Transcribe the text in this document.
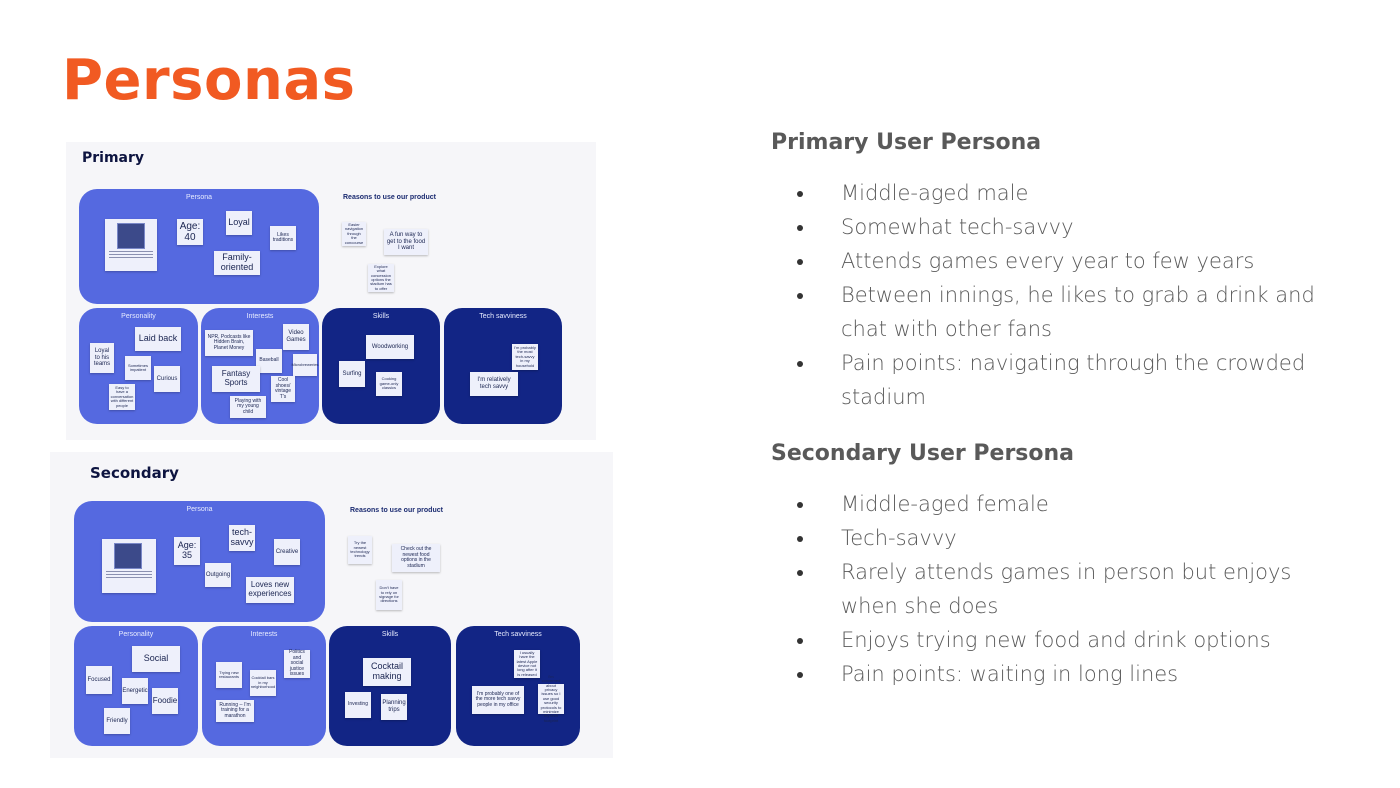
Personas
Primary
Persona
Age:
40
Loyal
Likes traditions
Family-
oriented
Reasons to use our product
Easier navigation through the concourse
A fun way to get to the food I want
Explore what concession options the stadium has to offer
Personality
Laid back
Loyal to his teams	Sometimes impatient
Curious
Easy to have a conversation with different people
Interests
NPR, Podcasts like Hidden Brain, Planet Money
Video Games
Baseball
Microbreweries
Fantasy Sports	Cool shoes/ vintage T's
Playing with my young child
Skills
Woodworking
Surfing
Cooking game-only classics
Tech savviness
I'm probably the most tech-savvy in my household
I'm relatively tech savvy
Secondary
Persona
Age:
35
tech-
savvy
Creative
Outgoing
Loves new experiences
Reasons to use our product
Try the newest technology trends
Check out the newest food options in the stadium
Don't have to rely on signage for directions
Personality
Social
Focused
Energetic
Foodie
Friendly
Interests
Trying new restaurants	Cocktail bars in my neighborhood
Politics and social justice issues
Running -- I'm training for a marathon
Skills
Cocktail making
Investing	Planning trips
Tech savviness
I usually have the latest Apple device not long after it is released
I'm probably one of the more tech savvy people in my office
I'm concerned about privacy issues so I use good security protocols to minimize my tech footprint
Primary User Persona
Middle-aged male
Somewhat tech-savvy
Attends games every year to few years
Between innings, he likes to grab a drink and chat with other fans
Pain points: navigating through the crowded stadium
Secondary User Persona
Middle-aged female
Tech-savvy
Rarely attends games in person but enjoys when she does
Enjoys trying new food and drink options
Pain points: waiting in long lines
